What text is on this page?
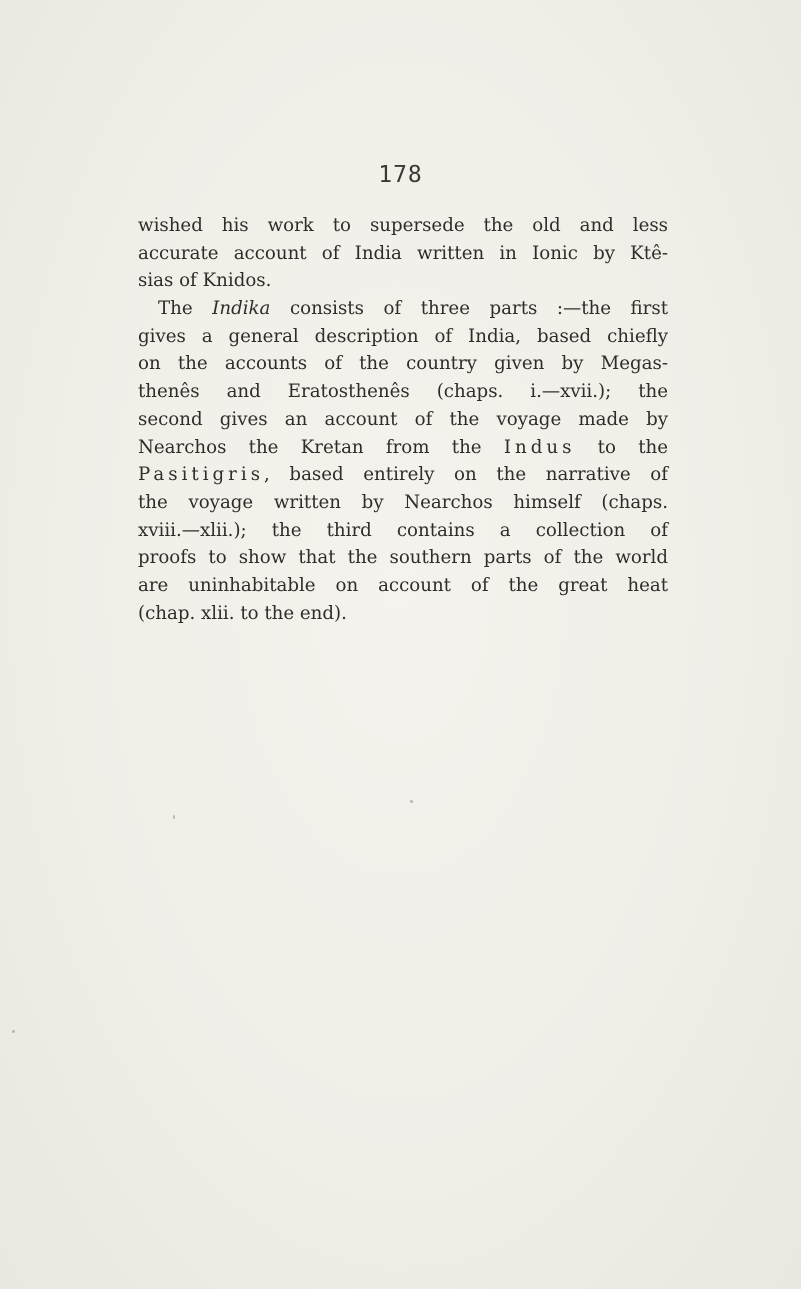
178
wished his work to supersede the old and less
accurate account of India written in Ionic by Ktê-
sias of Knidos.
The Indika consists of three parts :—the first
gives a general description of India, based chiefly
on the accounts of the country given by Megas-
thenês and Eratosthenês (chaps. i.—xvii.); the
second gives an account of the voyage made by
Nearchos the Kretan from the Indus to the
Pasitigris, based entirely on the narrative of
the voyage written by Nearchos himself (chaps.
xviii.—xlii.); the third contains a collection of
proofs to show that the southern parts of the world
are uninhabitable on account of the great heat
(chap. xlii. to the end).
